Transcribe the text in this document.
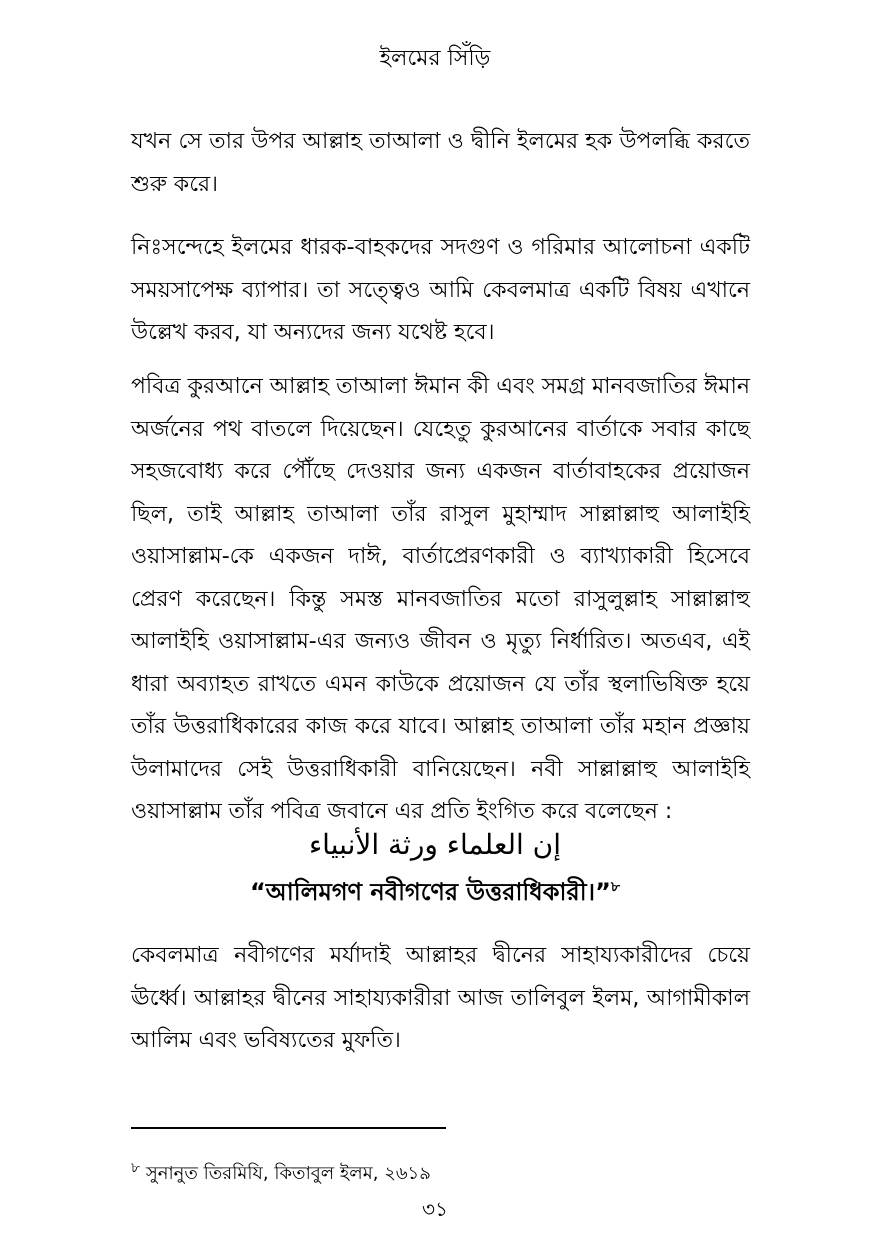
ইলমের সিঁড়ি
যখন সে তার উপর আল্লাহ তাআলা ও দ্বীনি ইলমের হক উপলব্ধি করতে শুরু করে।
নিঃসন্দেহে ইলমের ধারক-বাহকদের সদগুণ ও গরিমার আলোচনা একটি সময়সাপেক্ষ ব্যাপার। তা সত্ত্বেও আমি কেবলমাত্র একটি বিষয় এখানে উল্লেখ করব, যা অন্যদের জন্য যথেষ্ট হবে।
পবিত্র কুরআনে আল্লাহ তাআলা ঈমান কী এবং সমগ্র মানবজাতির ঈমান অর্জনের পথ বাতলে দিয়েছেন। যেহেতু কুরআনের বার্তাকে সবার কাছে সহজবোধ্য করে পৌঁছে দেওয়ার জন্য একজন বার্তাবাহকের প্রয়োজন ছিল, তাই আল্লাহ তাআলা তাঁর রাসুল মুহাম্মাদ সাল্লাল্লাহু আলাইহি ওয়াসাল্লাম-কে একজন দাঈ, বার্তাপ্রেরণকারী ও ব্যাখ্যাকারী হিসেবে প্রেরণ করেছেন। কিন্তু সমস্ত মানবজাতির মতো রাসুলুল্লাহ সাল্লাল্লাহু আলাইহি ওয়াসাল্লাম-এর জন্যও জীবন ও মৃত্যু নির্ধারিত। অতএব, এই ধারা অব্যাহত রাখতে এমন কাউকে প্রয়োজন যে তাঁর স্থলাভিষিক্ত হয়ে তাঁর উত্তরাধিকারের কাজ করে যাবে। আল্লাহ তাআলা তাঁর মহান প্রজ্ঞায় উলামাদের সেই উত্তরাধিকারী বানিয়েছেন। নবী সাল্লাল্লাহু আলাইহি ওয়াসাল্লাম তাঁর পবিত্র জবানে এর প্রতি ইংগিত করে বলেছেন :
إن العلماء ورثة الأنبياء
“আলিমগণ নবীগণের উত্তরাধিকারী।”$^৮$
কেবলমাত্র নবীগণের মর্যাদাই আল্লাহর দ্বীনের সাহায্যকারীদের চেয়ে ঊর্ধ্বে। আল্লাহর দ্বীনের সাহায্যকারীরা আজ তালিবুল ইলম, আগামীকাল আলিম এবং ভবিষ্যতের মুফতি।
$^৮$ সুনানুত তিরমিযি, কিতাবুল ইলম, ২৬১৯
৩১
